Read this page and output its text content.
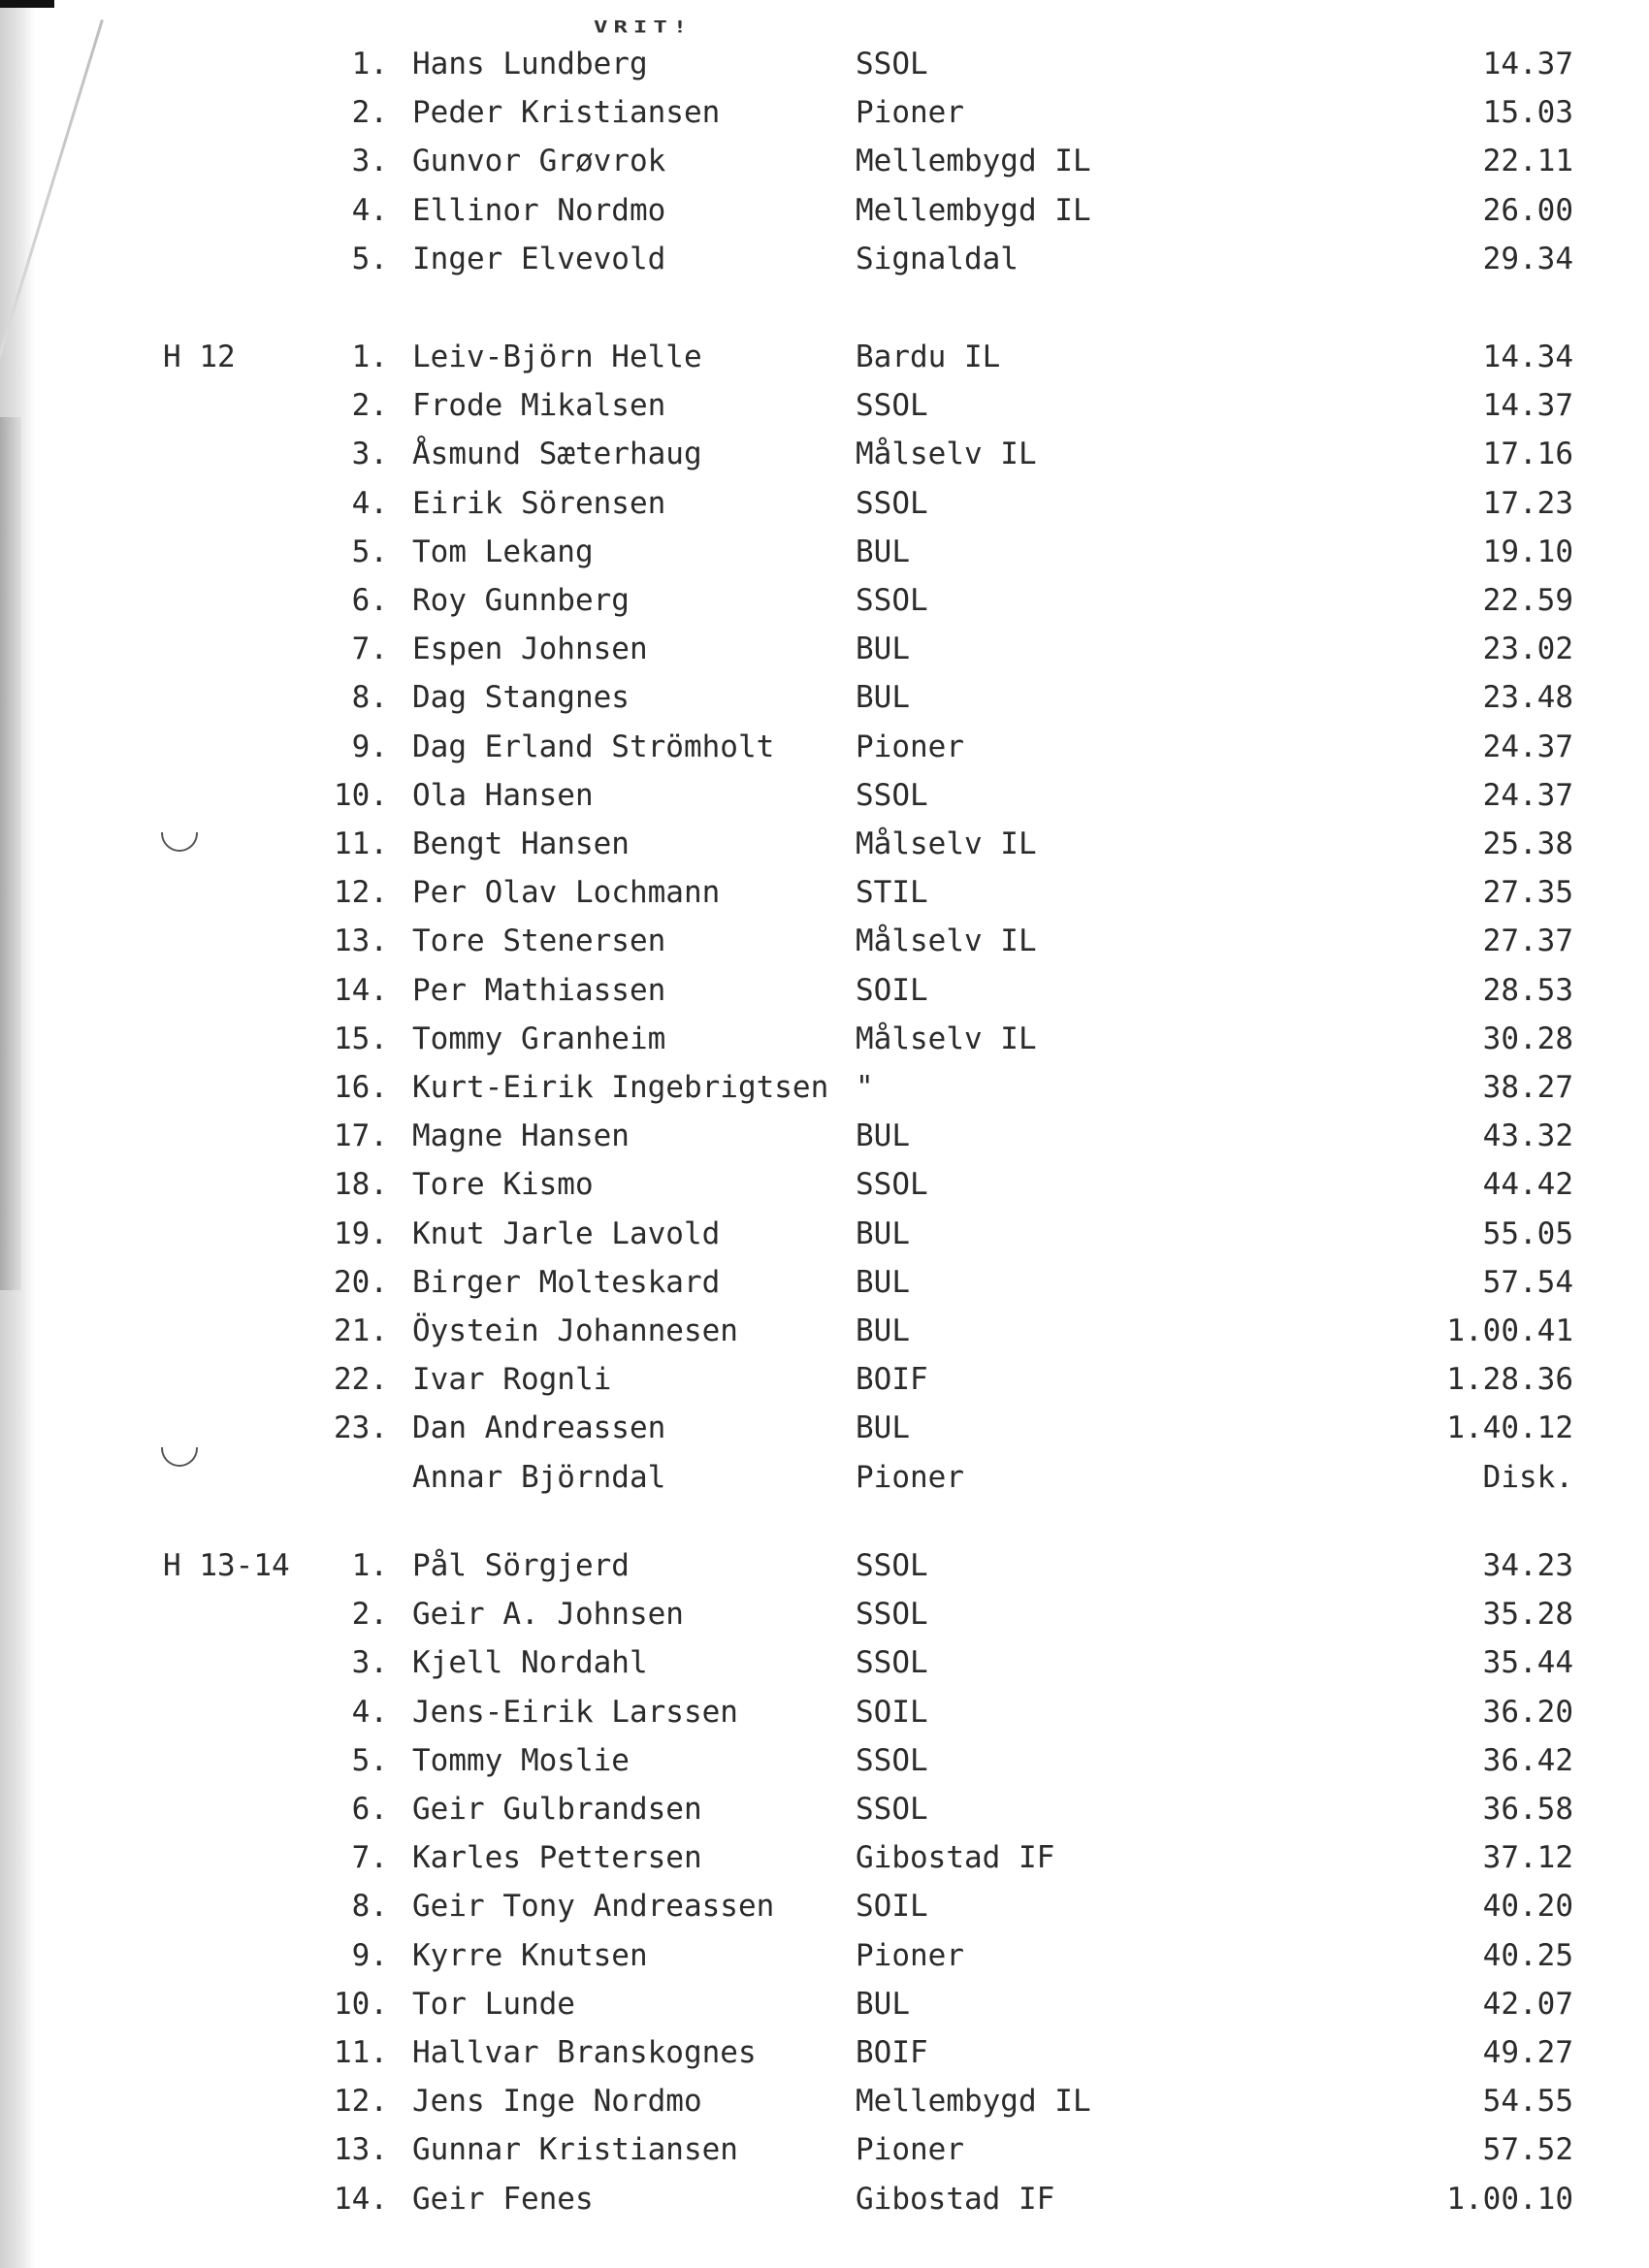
VRIT!
1. Hans Lundberg	SSOL	14.37
2. Peder Kristiansen	Pioner	15.03
3. Gunvor Grøvrok	Mellembygd IL	22.11
4. Ellinor Nordmo	Mellembygd IL	26.00
5. Inger Elvevold	Signaldal	29.34
H 12	1. Leiv-Björn Helle	Bardu IL	14.34
2. Frode Mikalsen	SSOL	14.37
3. Åsmund Sæterhaug	Målselv IL	17.16
4. Eirik Sörensen	SSOL	17.23
5. Tom Lekang	BUL	19.10
6. Roy Gunnberg	SSOL	22.59
7. Espen Johnsen	BUL	23.02
8. Dag Stangnes	BUL	23.48
9. Dag Erland Strömholt	Pioner	24.37
10. Ola Hansen	SSOL	24.37
11. Bengt Hansen	Målselv IL	25.38
12. Per Olav Lochmann	STIL	27.35
13. Tore Stenersen	Målselv IL	27.37
14. Per Mathiassen	SOIL	28.53
15. Tommy Granheim	Målselv IL	30.28
16. Kurt-Eirik Ingebrigtsen "	38.27
17. Magne Hansen	BUL	43.32
18. Tore Kismo	SSOL	44.42
19. Knut Jarle Lavold	BUL	55.05
20. Birger Molteskard	BUL	57.54
21. Öystein Johannesen	BUL	1.00.41
22. Ivar Rognli	BOIF	1.28.36
23. Dan Andreassen	BUL	1.40.12
Annar Björndal	Pioner	Disk.
H 13-14	1. Pål Sörgjerd	SSOL	34.23
2. Geir A. Johnsen	SSOL	35.28
3. Kjell Nordahl	SSOL	35.44
4. Jens-Eirik Larssen	SOIL	36.20
5. Tommy Moslie	SSOL	36.42
6. Geir Gulbrandsen	SSOL	36.58
7. Karles Pettersen	Gibostad IF	37.12
8. Geir Tony Andreassen	SOIL	40.20
9. Kyrre Knutsen	Pioner	40.25
10. Tor Lunde	BUL	42.07
11. Hallvar Branskognes	BOIF	49.27
12. Jens Inge Nordmo	Mellembygd IL	54.55
13. Gunnar Kristiansen	Pioner	57.52
14. Geir Fenes	Gibostad IF	1.00.10
